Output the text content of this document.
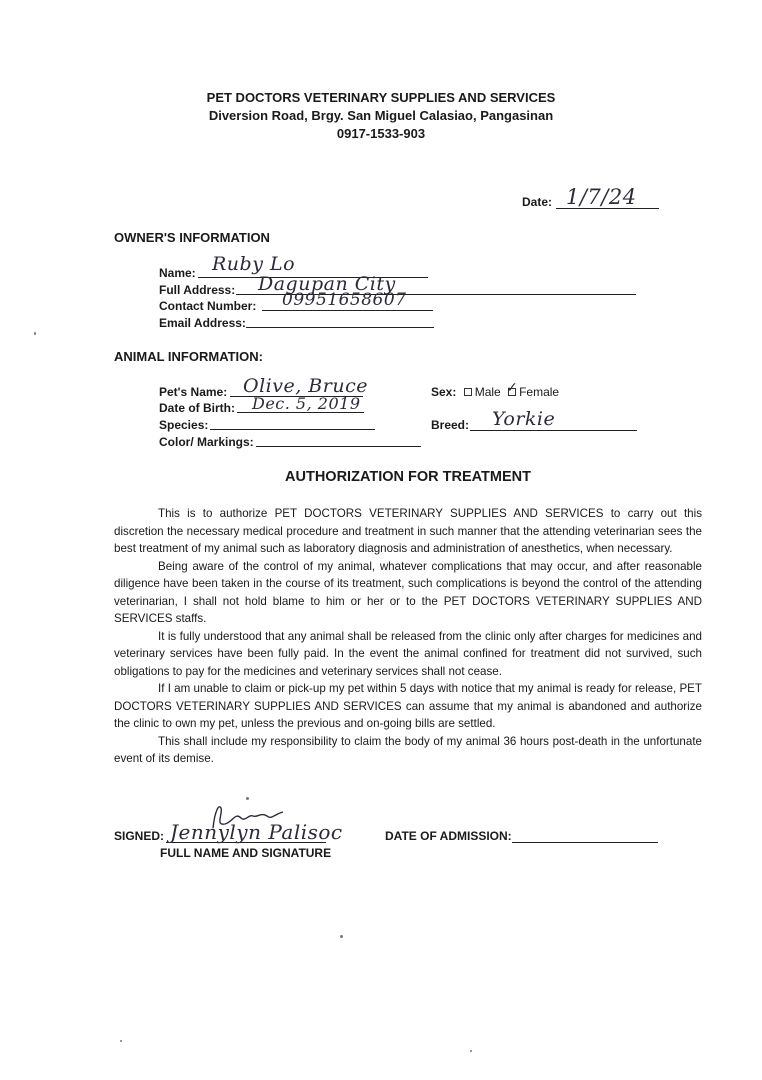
PET DOCTORS VETERINARY SUPPLIES AND SERVICES
Diversion Road, Brgy. San Miguel Calasiao, Pangasinan
0917-1533-903
Date: 1/7/24
OWNER'S INFORMATION
Name: Ruby Lo
Full Address: Dagupan City
Contact Number: 09951658607
Email Address:
ANIMAL INFORMATION:
Pet's Name: Olive, Bruce
Date of Birth: Dec. 5, 2019
Species:
Color/ Markings:
Sex: Male ✓ Female
Breed: Yorkie
AUTHORIZATION FOR TREATMENT

This is to authorize PET DOCTORS VETERINARY SUPPLIES AND SERVICES to carry out this discretion the necessary medical procedure and treatment in such manner that the attending veterinarian sees the best treatment of my animal such as laboratory diagnosis and administration of anesthetics, when necessary.

Being aware of the control of my animal, whatever complications that may occur, and after reasonable diligence have been taken in the course of its treatment, such complications is beyond the control of the attending veterinarian, I shall not hold blame to him or her or to the PET DOCTORS VETERINARY SUPPLIES AND SERVICES staffs.

It is fully understood that any animal shall be released from the clinic only after charges for medicines and veterinary services have been fully paid. In the event the animal confined for treatment did not survived, such obligations to pay for the medicines and veterinary services shall not cease.

If I am unable to claim or pick-up my pet within 5 days with notice that my animal is ready for release, PET DOCTORS VETERINARY SUPPLIES AND SERVICES can assume that my animal is abandoned and authorize the clinic to own my pet, unless the previous and on-going bills are settled.

This shall include my responsibility to claim the body of my animal 36 hours post-death in the unfortunate event of its demise.

SIGNED: Jennylyn Palisoc
FULL NAME AND SIGNATURE
DATE OF ADMISSION:
